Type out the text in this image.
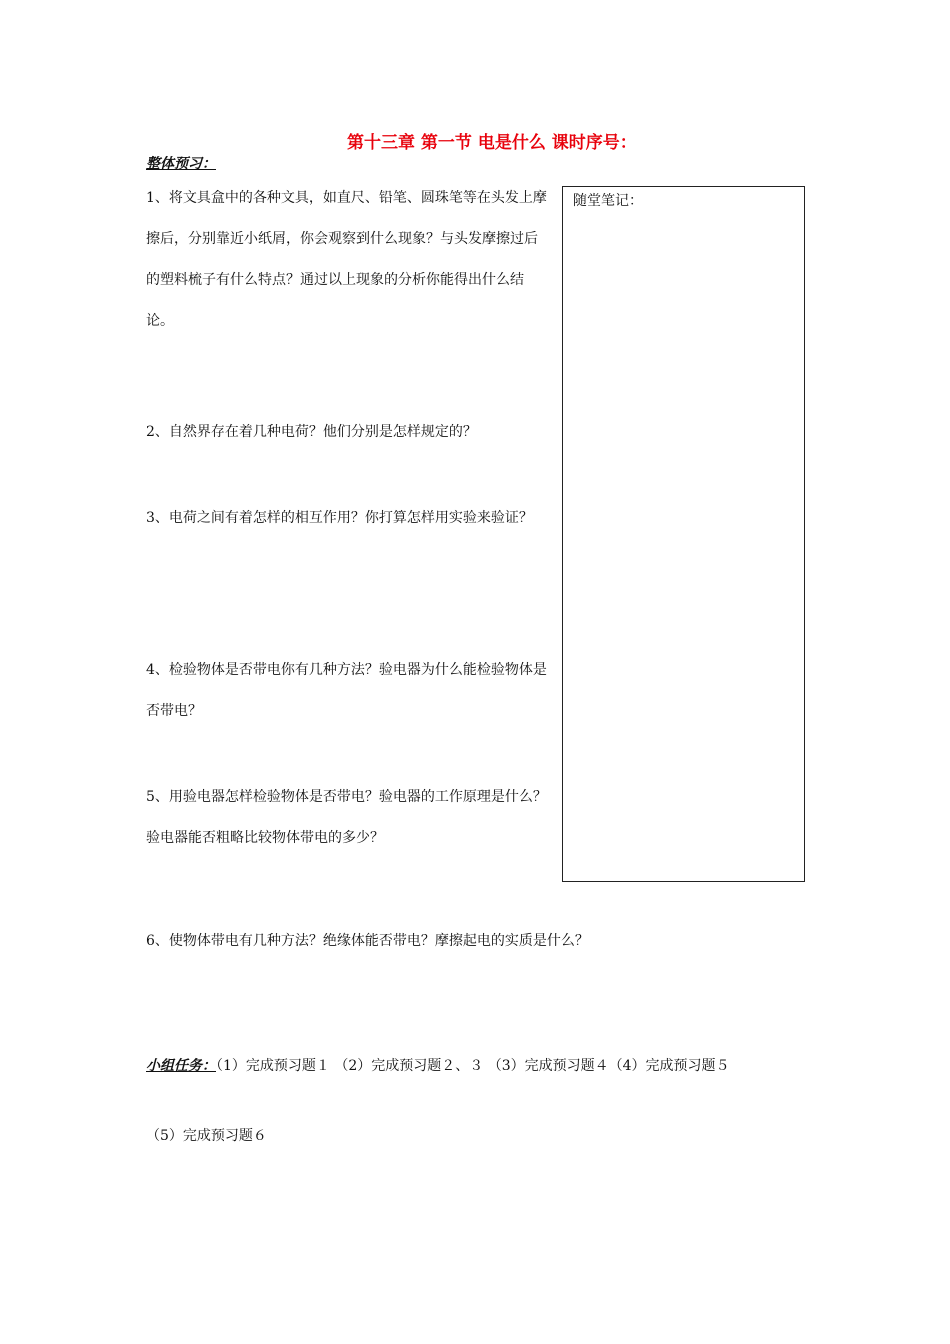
第十三章 第一节 电是什么 课时序号：
整体预习：
1、将文具盒中的各种文具，如直尺、铅笔、圆珠笔等在头发上摩擦后，分别靠近小纸屑，你会观察到什么现象？与头发摩擦过后的塑料梳子有什么特点？通过以上现象的分析你能得出什么结论。
2、自然界存在着几种电荷？他们分别是怎样规定的？
3、电荷之间有着怎样的相互作用？你打算怎样用实验来验证？
4、检验物体是否带电你有几种方法？验电器为什么能检验物体是否带电？
5、用验电器怎样检验物体是否带电？验电器的工作原理是什么？验电器能否粗略比较物体带电的多少？
随堂笔记：
6、使物体带电有几种方法？绝缘体能否带电？摩擦起电的实质是什么？
小组任务：（1）完成预习题１ （2）完成预习题２、３ （3）完成预习题４（4）完成预习题５
（5）完成预习题６
